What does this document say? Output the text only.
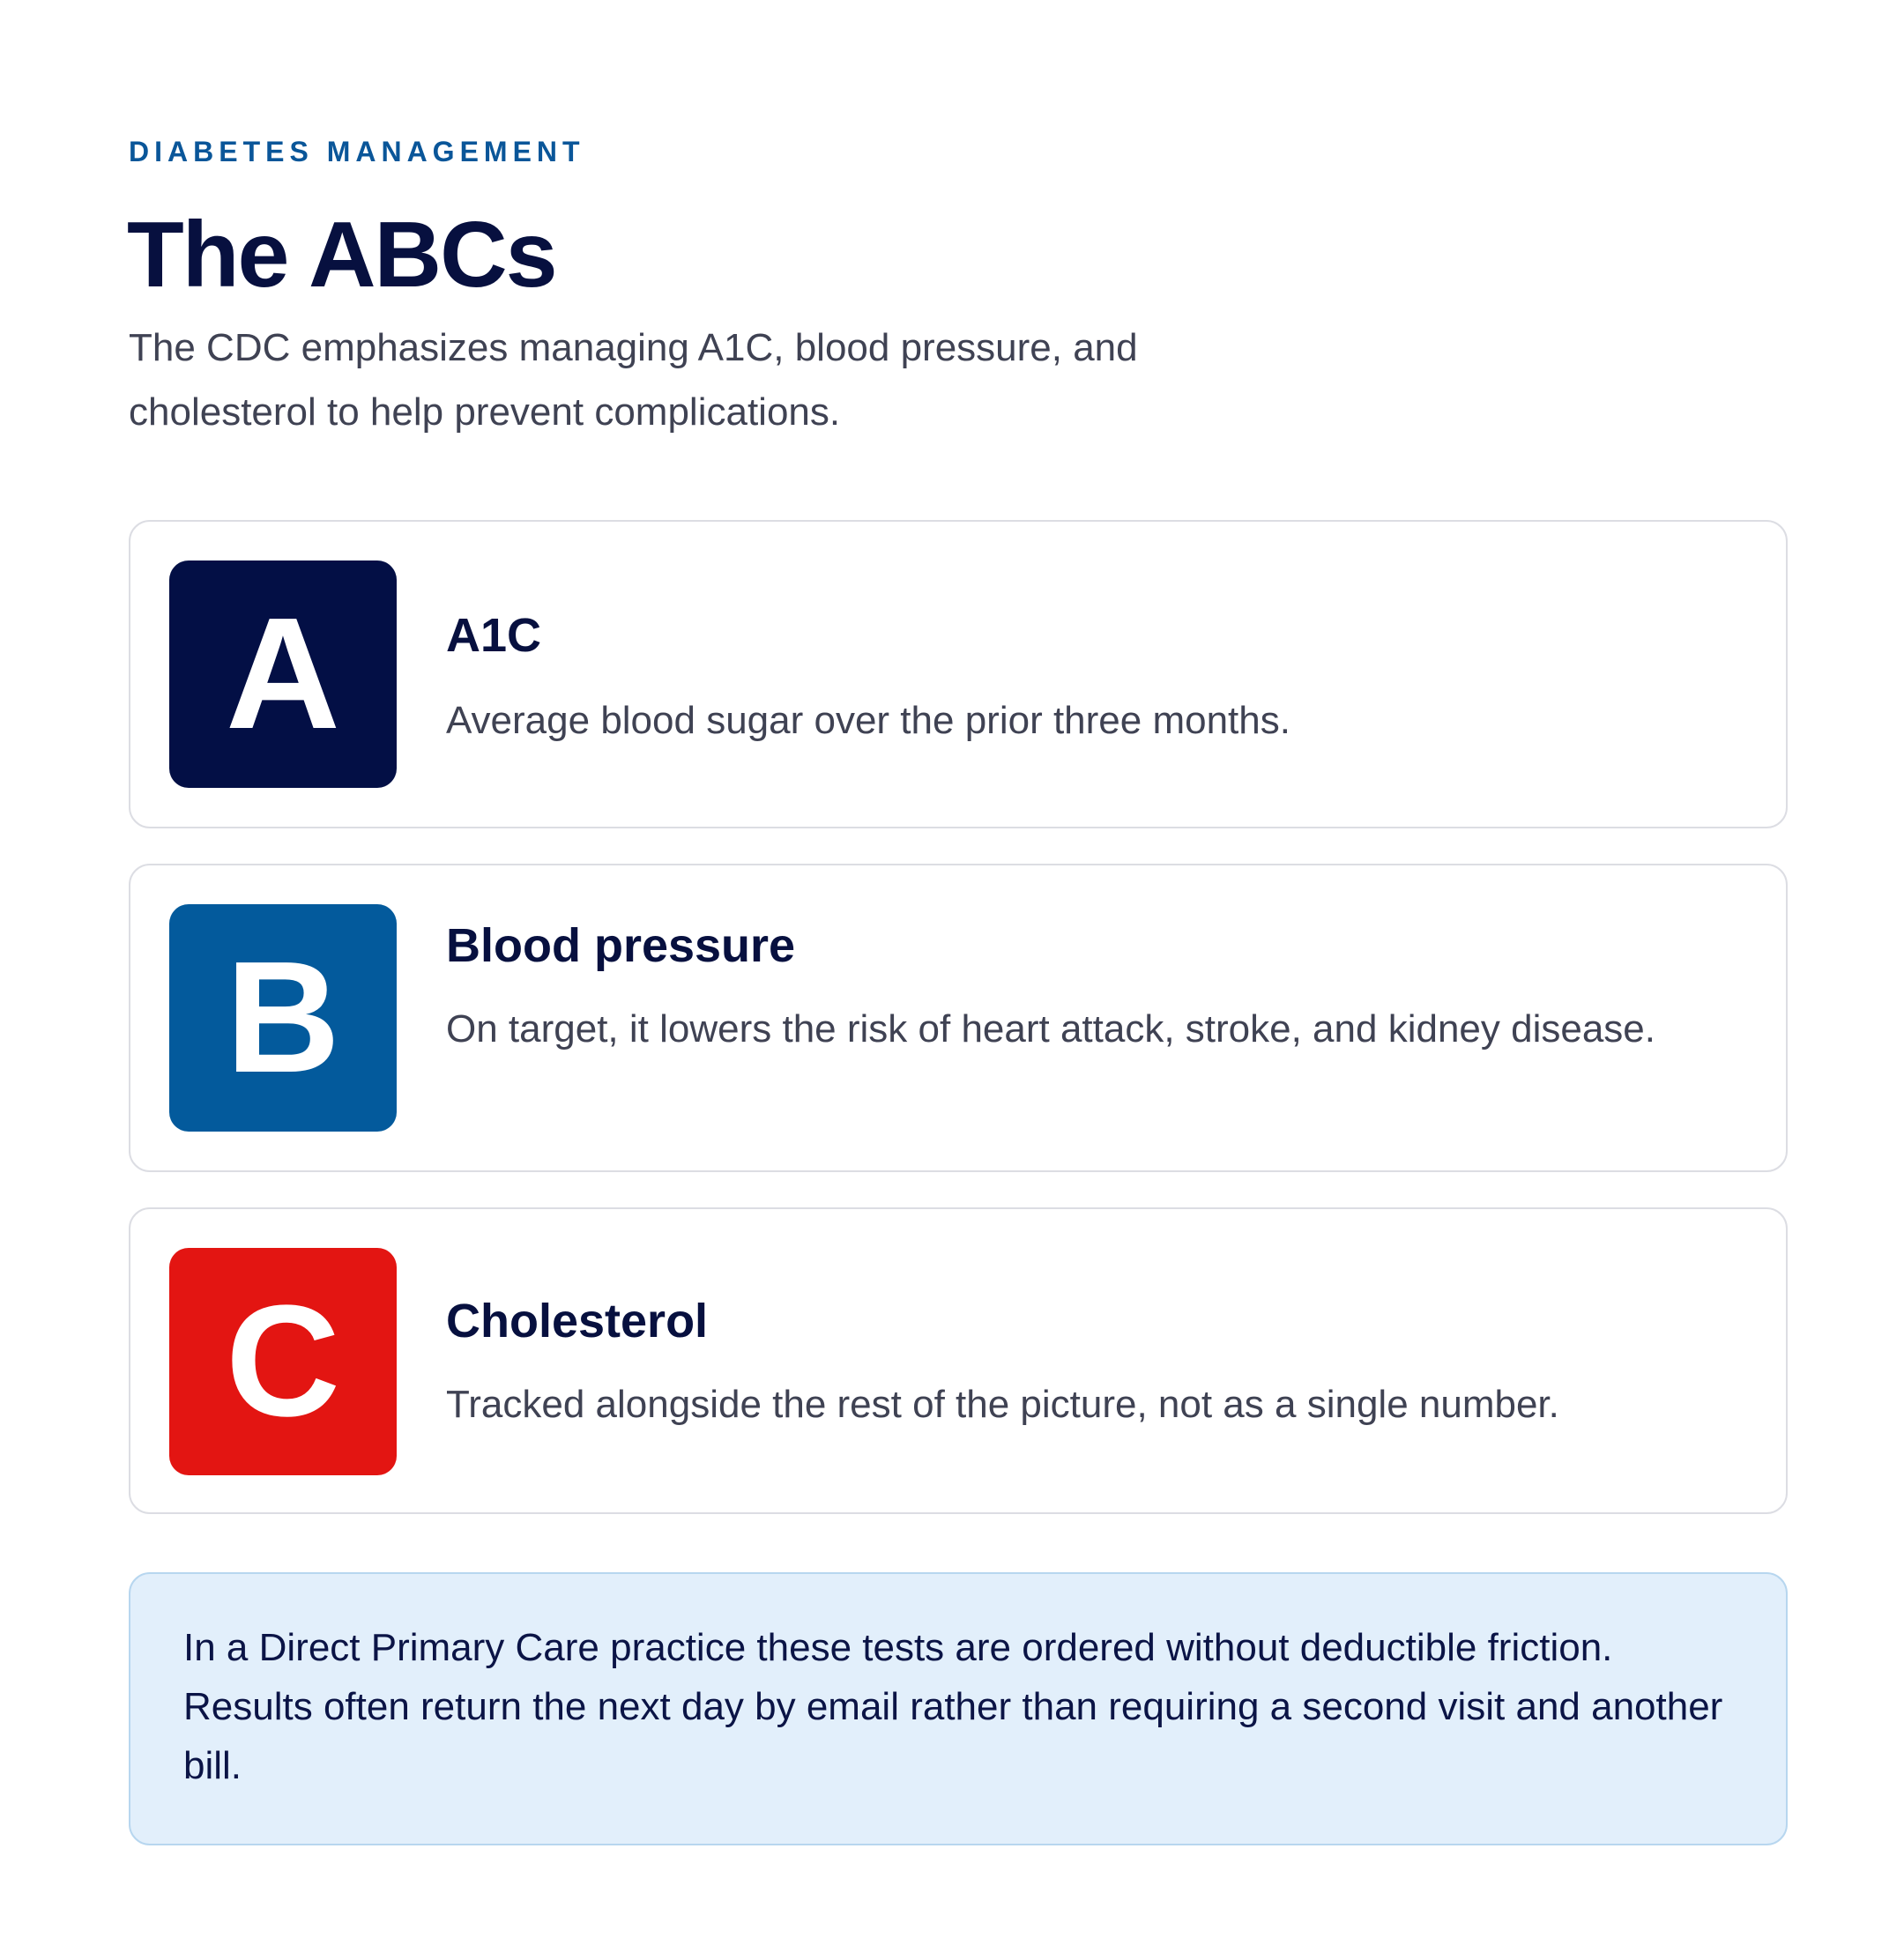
DIABETES MANAGEMENT
The ABCs

The CDC emphasizes managing A1C, blood pressure, and cholesterol to help prevent complications.

A	A1C

Average blood sugar over the prior three months.

B	Blood pressure

On target, it lowers the risk of heart attack, stroke, and kidney disease.

C	Cholesterol

Tracked alongside the rest of the picture, not as a single number.

In a Direct Primary Care practice these tests are ordered without deductible friction. Results often return the next day by email rather than requiring a second visit and another bill.
